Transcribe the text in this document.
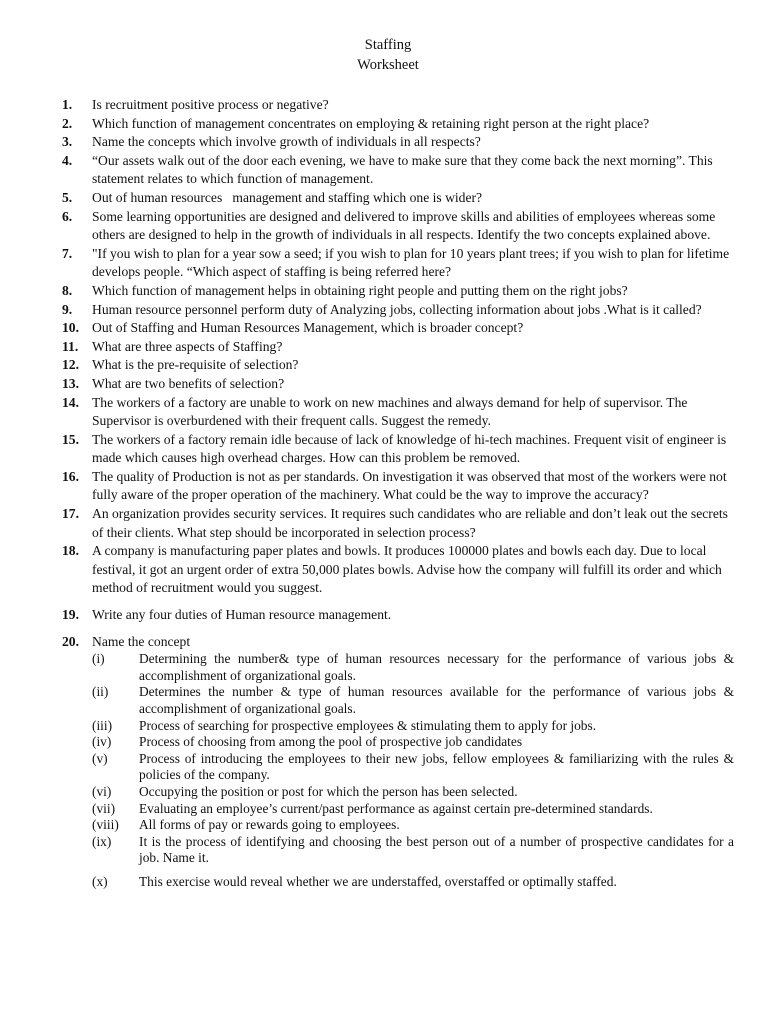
Staffing
Worksheet
1.	Is recruitment positive process or negative?
2.	Which function of management concentrates on employing & retaining right person at the right place?
3.	Name the concepts which involve growth of individuals in all respects?
4.	“Our assets walk out of the door each evening, we have to make sure that they come back the next morning”. This statement relates to which function of management.
5.	Out of human resources   management and staffing which one is wider?
6.	Some learning opportunities are designed and delivered to improve skills and abilities of employees whereas some others are designed to help in the growth of individuals in all respects. Identify the two concepts explained above.
7.	"If you wish to plan for a year sow a seed; if you wish to plan for 10 years plant trees; if you wish to plan for lifetime develops people. “Which aspect of staffing is being referred here?
8.	Which function of management helps in obtaining right people and putting them on the right jobs?
9.	Human resource personnel perform duty of Analyzing jobs, collecting information about jobs .What is it called?
10. Out of Staffing and Human Resources Management, which is broader concept?
11.	What are three aspects of Staffing?
12. What is the pre-requisite of selection?
13. What are two benefits of selection?
14. The workers of a factory are unable to work on new machines and always demand for help of supervisor. The Supervisor is overburdened with their frequent calls. Suggest the remedy.
15. The workers of a factory remain idle because of lack of knowledge of hi-tech machines. Frequent visit of engineer is made which causes high overhead charges. How can this problem be removed.
16. The quality of Production is not as per standards. On investigation it was observed that most of the workers were not fully aware of the proper operation of the machinery. What could be the way to improve the accuracy?
17. An organization provides security services. It requires such candidates who are reliable and don’t leak out the secrets of their clients. What step should be incorporated in selection process?
18. A company is manufacturing paper plates and bowls. It produces 100000 plates and bowls each day. Due to local festival, it got an urgent order of extra 50,000 plates bowls. Advise how the company will fulfill its order and which method of recruitment would you suggest.
19. Write any four duties of Human resource management.
20. Name the concept
(i)	Determining the number& type of human resources necessary for the performance of various jobs & accomplishment of organizational goals.
(ii)	Determines the number & type of human resources available for the performance of various jobs & accomplishment of organizational goals.
(iii)	Process of searching for prospective employees & stimulating them to apply for jobs.
(iv)	Process of choosing from among the pool of prospective job candidates
(v)	Process of introducing the employees to their new jobs, fellow employees & familiarizing with the rules & policies of the company.
(vi)	Occupying the position or post for which the person has been selected.
(vii)	Evaluating an employee’s current/past performance as against certain pre-determined standards.
(viii)	All forms of pay or rewards going to employees.
(ix)	It is the process of identifying and choosing the best person out of a number of prospective candidates for a job. Name it.
(x)	This exercise would reveal whether we are understaffed, overstaffed or optimally staffed.
